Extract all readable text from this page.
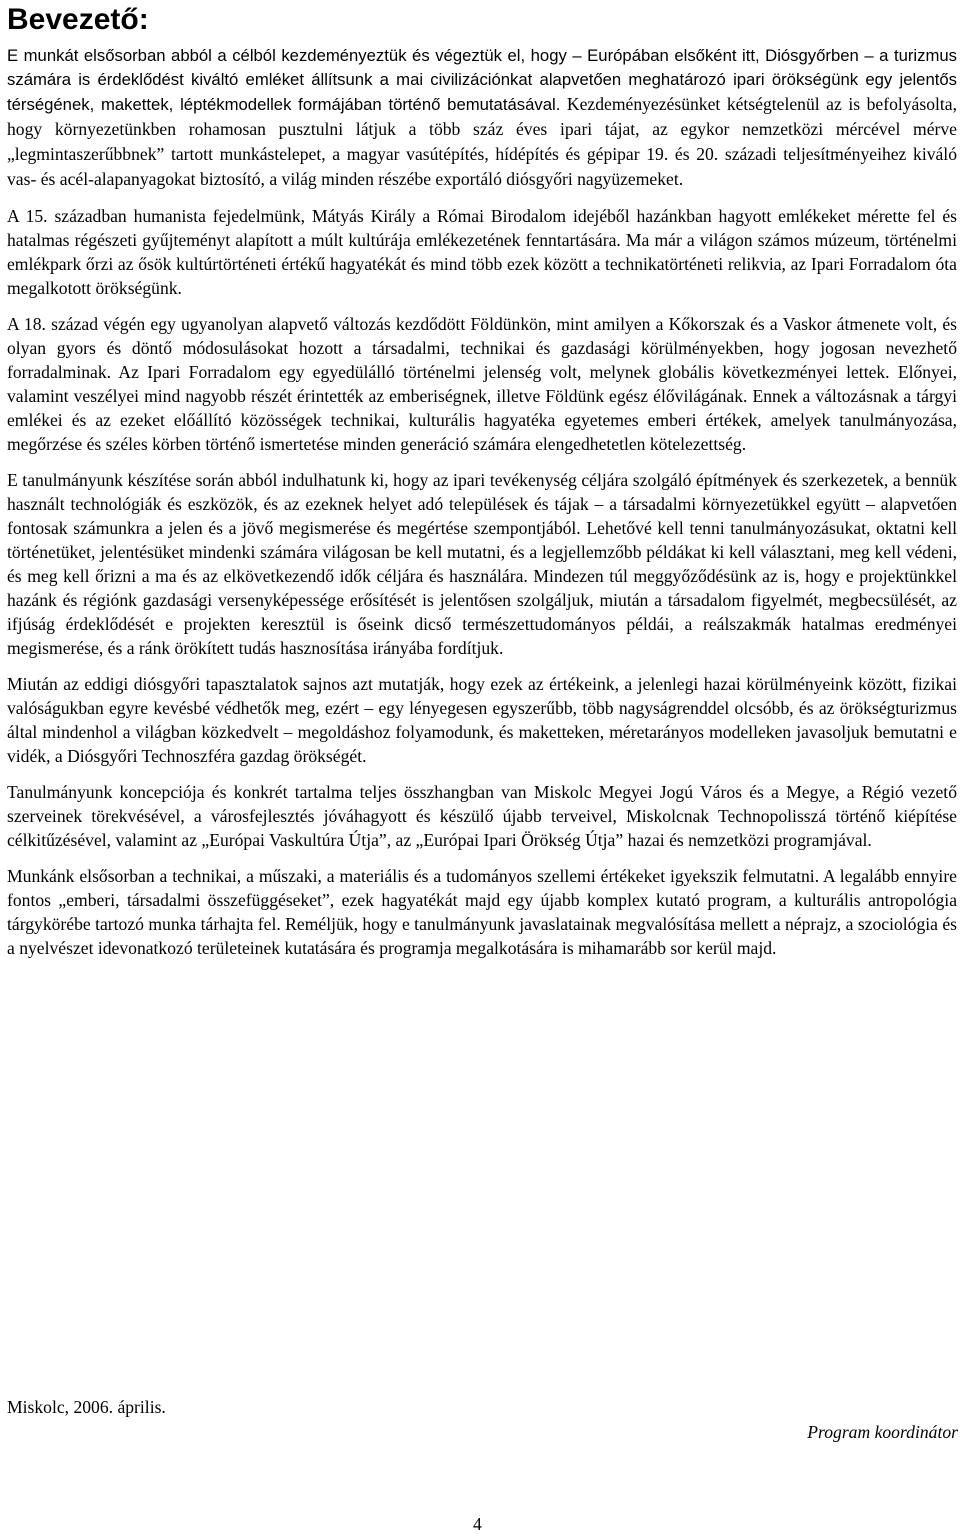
Bevezető:

E munkát elsősorban abból a célból kezdeményeztük és végeztük el, hogy – Európában elsőként itt, Diósgyőrben – a turizmus számára is érdeklődést kiváltó emléket állítsunk a mai civilizációnkat alapvetően meghatározó ipari örökségünk egy jelentős térségének, makettek, léptékmodellek formájában történő bemutatásával. Kezdeményezésünket kétségtelenül az is befolyásolta, hogy környezetünkben rohamosan pusztulni látjuk a több száz éves ipari tájat, az egykor nemzetközi mércével mérve „legmintaszerűbbnek” tartott munkástelepet, a magyar vasútépítés, hídépítés és gépipar 19. és 20. századi teljesítményeihez kiváló vas- és acél-alapanyagokat biztosító, a világ minden részébe exportáló diósgyőri nagyüzemeket.

A 15. században humanista fejedelmünk, Mátyás Király a Római Birodalom idejéből hazánkban hagyott emlékeket mérette fel és hatalmas régészeti gyűjteményt alapított a múlt kultúrája emlékezetének fenntartására. Ma már a világon számos múzeum, történelmi emlékpark őrzi az ősök kultúrtörténeti értékű hagyatékát és mind több ezek között a technikatörténeti relikvia, az Ipari Forradalom óta megalkotott örökségünk.

A 18. század végén egy ugyanolyan alapvető változás kezdődött Földünkön, mint amilyen a Kőkorszak és a Vaskor átmenete volt, és olyan gyors és döntő módosulásokat hozott a társadalmi, technikai és gazdasági körülményekben, hogy jogosan nevezhető forradalminak. Az Ipari Forradalom egy egyedülálló történelmi jelenség volt, melynek globális következményei lettek. Előnyei, valamint veszélyei mind nagyobb részét érintették az emberiségnek, illetve Földünk egész élővilágának. Ennek a változásnak a tárgyi emlékei és az ezeket előállító közösségek technikai, kulturális hagyatéka egyetemes emberi értékek, amelyek tanulmányozása, megőrzése és széles körben történő ismertetése minden generáció számára elengedhetetlen kötelezettség.

E tanulmányunk készítése során abból indulhatunk ki, hogy az ipari tevékenység céljára szolgáló építmények és szerkezetek, a bennük használt technológiák és eszközök, és az ezeknek helyet adó települések és tájak – a társadalmi környezetükkel együtt – alapvetően fontosak számunkra a jelen és a jövő megismerése és megértése szempontjából. Lehetővé kell tenni tanulmányozásukat, oktatni kell történetüket, jelentésüket mindenki számára világosan be kell mutatni, és a legjellemzőbb példákat ki kell választani, meg kell védeni, és meg kell őrizni a ma és az elkövetkezendő idők céljára és használára. Mindezen túl meggyőződésünk az is, hogy e projektünkkel hazánk és régiónk gazdasági versenyképessége erősítését is jelentősen szolgáljuk, miután a társadalom figyelmét, megbecsülését, az ifjúság érdeklődését e projekten keresztül is őseink dicső természettudományos példái, a reálszakmák hatalmas eredményei megismerése, és a ránk örökített tudás hasznosítása irányába fordítjuk.

Miután az eddigi diósgyőri tapasztalatok sajnos azt mutatják, hogy ezek az értékeink, a jelenlegi hazai körülményeink között, fizikai valóságukban egyre kevésbé védhetők meg, ezért – egy lényegesen egyszerűbb, több nagyságrenddel olcsóbb, és az örökségturizmus által mindenhol a világban közkedvelt – megoldáshoz folyamodunk, és maketteken, méretarányos modelleken javasoljuk bemutatni e vidék, a Diósgyőri Technoszféra gazdag örökségét.

Tanulmányunk koncepciója és konkrét tartalma teljes összhangban van Miskolc Megyei Jogú Város és a Megye, a Régió vezető szerveinek törekvésével, a városfejlesztés jóváhagyott és készülő újabb terveivel, Miskolcnak Technopolisszá történő kiépítése célkitűzésével, valamint az „Európai Vaskultúra Útja”, az „Európai Ipari Örökség Útja” hazai és nemzetközi programjával.

Munkánk elsősorban a technikai, a műszaki, a materiális és a tudományos szellemi értékeket igyekszik felmutatni. A legalább ennyire fontos „emberi, társadalmi összefüggéseket”, ezek hagyatékát majd egy újabb komplex kutató program, a kulturális antropológia tárgykörébe tartozó munka tárhajta fel. Reméljük, hogy e tanulmányunk javaslatainak megvalósítása mellett a néprajz, a szociológia és a nyelvészet idevonatkozó területeinek kutatására és programja megalkotására is mihamarább sor kerül majd.

Miskolc, 2006. április.
Program koordinátor
4
